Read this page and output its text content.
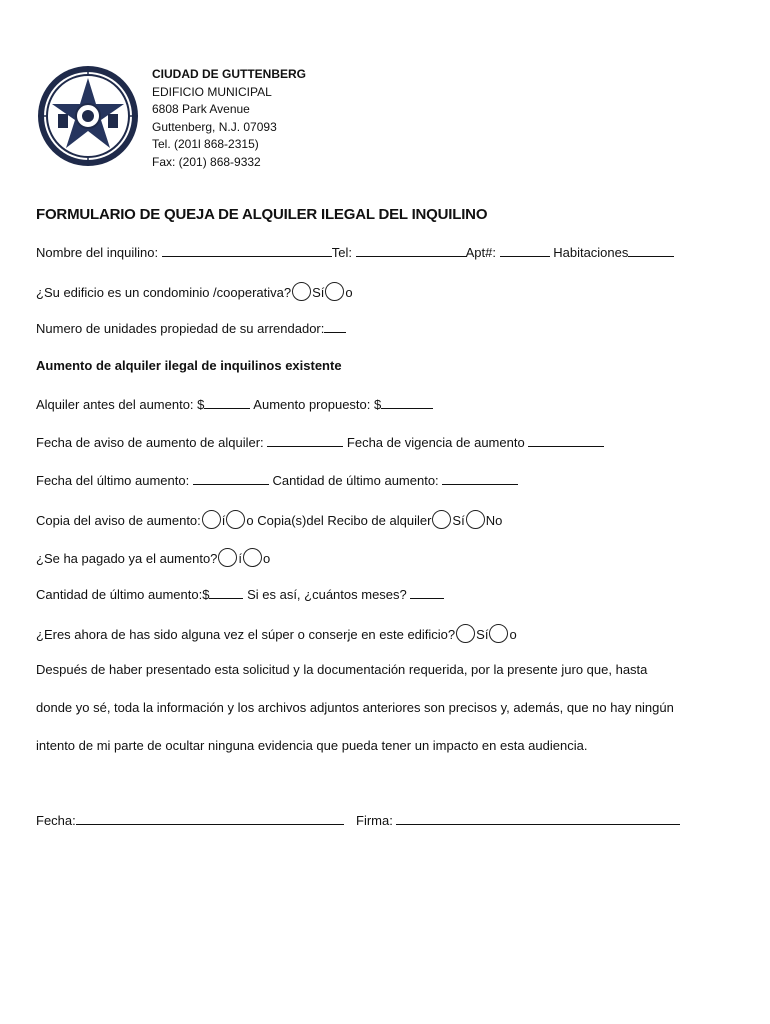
CIUDAD DE GUTTENBERG
EDIFICIO MUNICIPAL
6808 Park Avenue
Guttenberg, N.J. 07093
Tel. (201l 868-2315)
Fax: (201) 868-9332
FORMULARIO DE QUEJA DE ALQUILER ILEGAL DEL INQUILINO
Nombre del inquilino:	Tel:	Apt#:	Habitaciones
¿Su edificio es un condominio /cooperativa? Sí o
Numero de unidades propiedad de su arrendador:
Aumento de alquiler ilegal de inquilinos existente
Alquiler antes del aumento: $	Aumento propuesto: $
Fecha de aviso de aumento de alquiler:	Fecha de vigencia de aumento
Fecha del último aumento:	Cantidad de último aumento:
Copia del aviso de aumento: í o Copia(s)del Recibo de alquiler Sí No
¿Se ha pagado ya el aumento? í o
Cantidad de último aumento:$	Si es así, ¿cuántos meses?
¿Eres ahora de has sido alguna vez el súper o conserje en este edificio? Sí o
Después de haber presentado esta solicitud y la documentación requerida, por la presente juro que, hasta
donde yo sé, toda la información y los archivos adjuntos anteriores son precisos y, además, que no hay ningún
intento de mi parte de ocultar ninguna evidencia que pueda tener un impacto en esta audiencia.
Fecha:	Firma:
